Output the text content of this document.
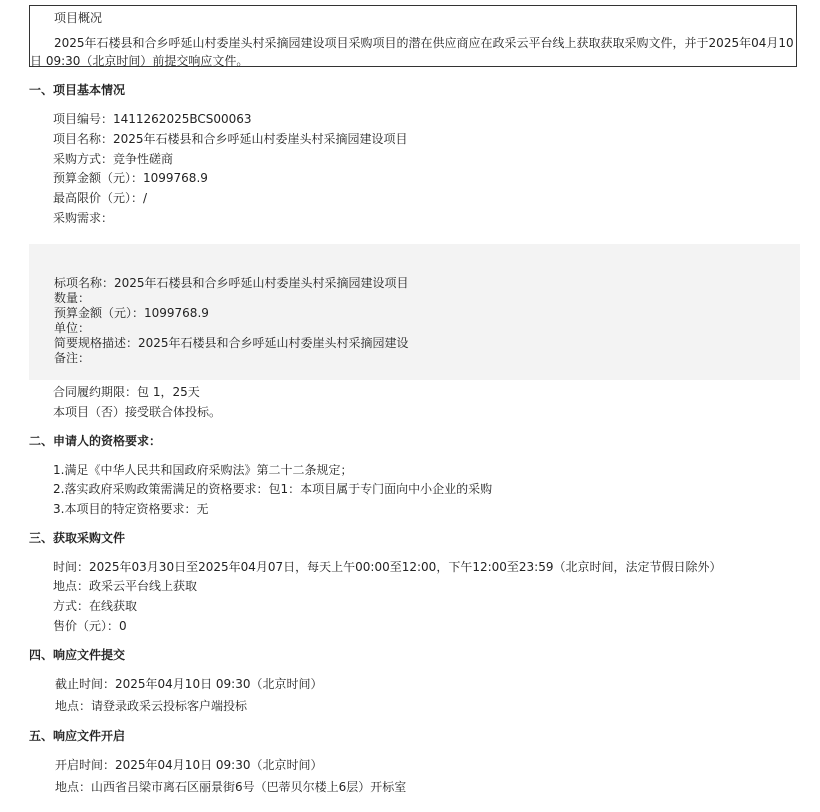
项目概况
2025年石楼县和合乡呼延山村委崖头村采摘园建设项目采购项目的潜在供应商应在政采云平台线上获取获取采购文件，并于2025年04月10日 09:30（北京时间）前提交响应文件。
一、项目基本情况
项目编号：1411262025BCS00063
项目名称：2025年石楼县和合乡呼延山村委崖头村采摘园建设项目
采购方式：竞争性磋商
预算金额（元）：1099768.9
最高限价（元）：/
采购需求：
标项名称：2025年石楼县和合乡呼延山村委崖头村采摘园建设项目
数量：
预算金额（元）：1099768.9
单位：
简要规格描述：2025年石楼县和合乡呼延山村委崖头村采摘园建设
备注：
合同履约期限：包 1，25天
本项目（否）接受联合体投标。
二、申请人的资格要求：
1.满足《中华人民共和国政府采购法》第二十二条规定；
2.落实政府采购政策需满足的资格要求：包1：本项目属于专门面向中小企业的采购
3.本项目的特定资格要求：无
三、获取采购文件
时间：2025年03月30日至2025年04月07日，每天上午00:00至12:00，下午12:00至23:59（北京时间，法定节假日除外）
地点：政采云平台线上获取
方式：在线获取
售价（元）：0
四、响应文件提交
截止时间：2025年04月10日 09:30（北京时间）
地点：请登录政采云投标客户端投标
五、响应文件开启
开启时间：2025年04月10日 09:30（北京时间）
地点：山西省吕梁市离石区丽景街6号（巴蒂贝尔楼上6层）开标室
